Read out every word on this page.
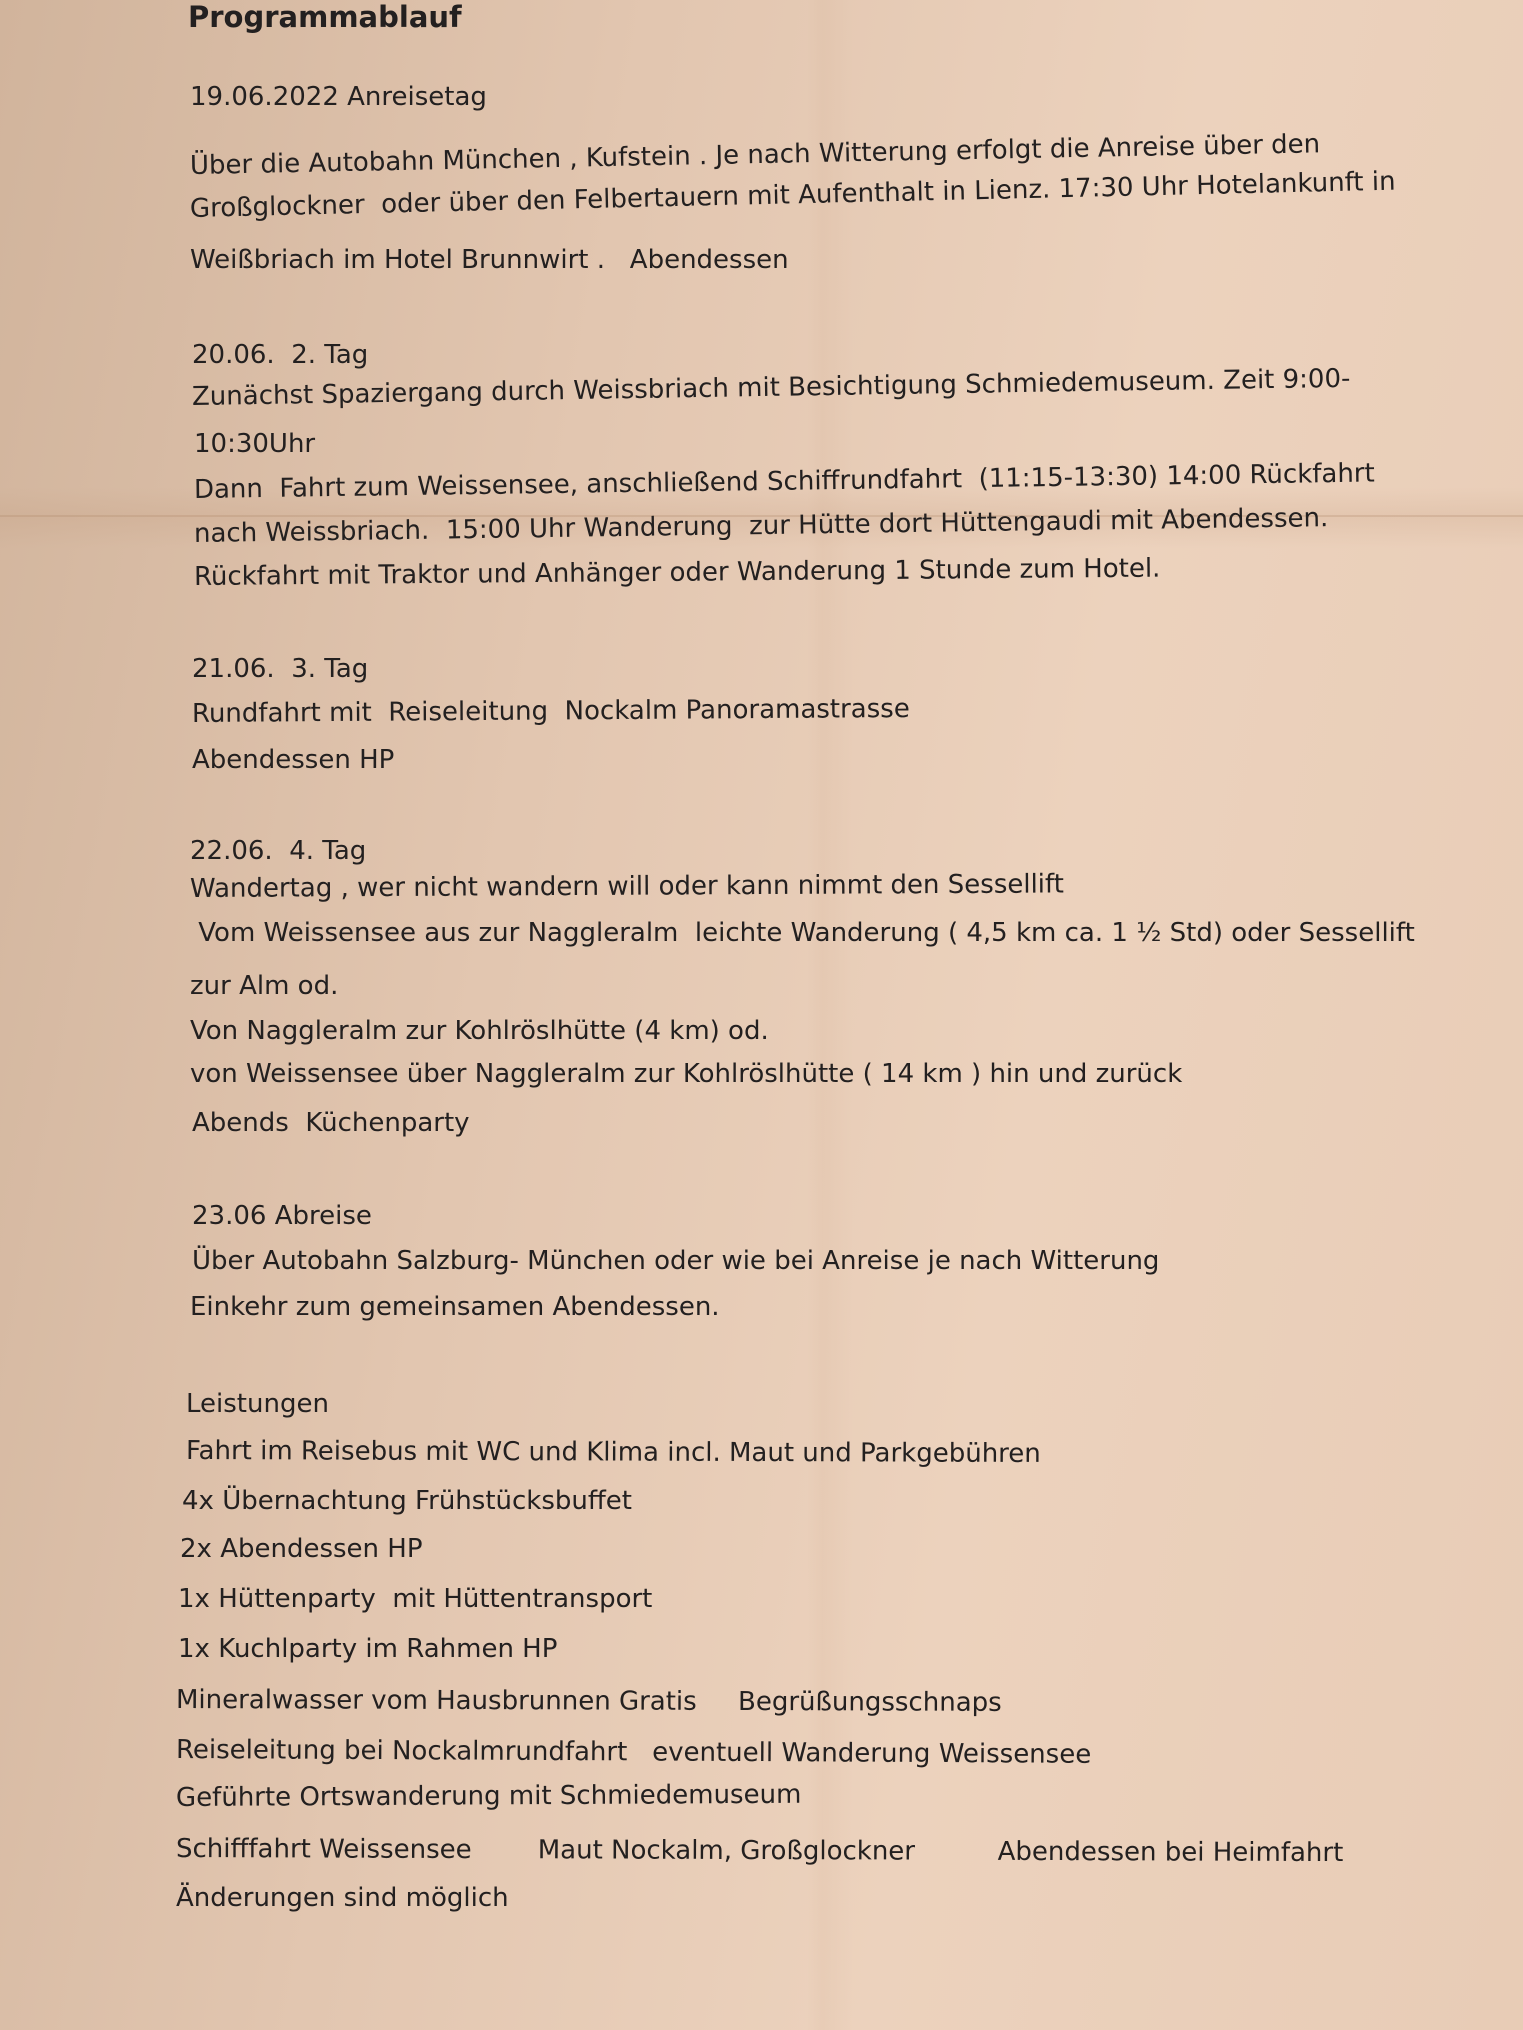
Programmablauf
19.06.2022 Anreisetag
Über die Autobahn München , Kufstein . Je nach Witterung erfolgt die Anreise über den
Großglockner  oder über den Felbertauern mit Aufenthalt in Lienz. 17:30 Uhr Hotelankunft in
Weißbriach im Hotel Brunnwirt .   Abendessen
20.06.  2. Tag
Zunächst Spaziergang durch Weissbriach mit Besichtigung Schmiedemuseum. Zeit 9:00-
10:30Uhr
Dann  Fahrt zum Weissensee, anschließend Schiffrundfahrt  (11:15-13:30) 14:00 Rückfahrt
nach Weissbriach.  15:00 Uhr Wanderung  zur Hütte dort Hüttengaudi mit Abendessen.
Rückfahrt mit Traktor und Anhänger oder Wanderung 1 Stunde zum Hotel.
21.06.  3. Tag
Rundfahrt mit  Reiseleitung  Nockalm Panoramastrasse
Abendessen HP
22.06.  4. Tag
Wandertag , wer nicht wandern will oder kann nimmt den Sessellift
Vom Weissensee aus zur Naggleralm  leichte Wanderung ( 4,5 km ca. 1 ½ Std) oder Sessellift
zur Alm od.
Von Naggleralm zur Kohlröslhütte (4 km) od.
von Weissensee über Naggleralm zur Kohlröslhütte ( 14 km ) hin und zurück
Abends  Küchenparty
23.06 Abreise
Über Autobahn Salzburg- München oder wie bei Anreise je nach Witterung
Einkehr zum gemeinsamen Abendessen.
Leistungen
Fahrt im Reisebus mit WC und Klima incl. Maut und Parkgebühren
4x Übernachtung Frühstücksbuffet
2x Abendessen HP
1x Hüttenparty  mit Hüttentransport
1x Kuchlparty im Rahmen HP
Mineralwasser vom Hausbrunnen Gratis     Begrüßungsschnaps
Reiseleitung bei Nockalmrundfahrt   eventuell Wanderung Weissensee
Geführte Ortswanderung mit Schmiedemuseum
Schifffahrt Weissensee        Maut Nockalm, Großglockner          Abendessen bei Heimfahrt
Änderungen sind möglich
